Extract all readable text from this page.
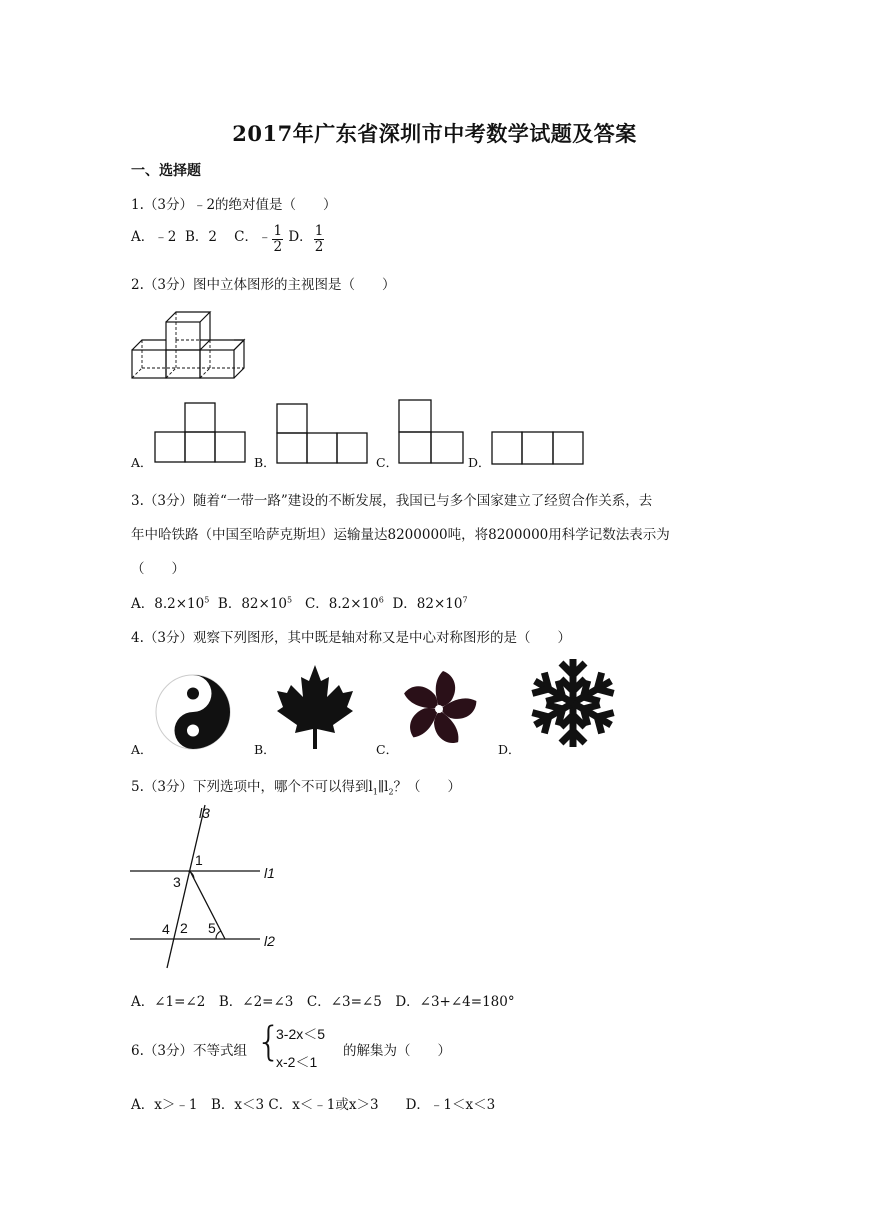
2017年广东省深圳市中考数学试题及答案
一、选择题
1.（3分）﹣2的绝对值是（　　）
A．﹣2 B．2 C．﹣ $\frac{1}{2}$ D． $\frac{1}{2}$
2.（3分）图中立体图形的主视图是（　　）
A．	B．	C．	D．
3.（3分）随着“一带一路”建设的不断发展，我国已与多个国家建立了经贸合作关系，去
年中哈铁路（中国至哈萨克斯坦）运输量达8200000吨，将8200000用科学记数法表示为
（　　）
A．$8.2\times 10^5$ B．$82\times 10^5$ C．$8.2\times 10^6$ D．$82\times 10^7$
4.（3分）观察下列图形，其中既是轴对称又是中心对称图形的是（　　）
A．	B．	C．	D．
5.（3分）下列选项中，哪个不可以得到$l_1\parallel l_2$？（　　）
l3
1
3
l1
4 2 5
l2
A．∠1=∠2　B．∠2=∠3　C．∠3=∠5　D．∠3+∠4=180°
6.（3分）不等式组 {
3-2x＜5
x-2＜1
的解集为（　　）
A．x＞﹣1　B．x＜3 C．x＜﹣1或x＞3　　D．﹣1＜x＜3
